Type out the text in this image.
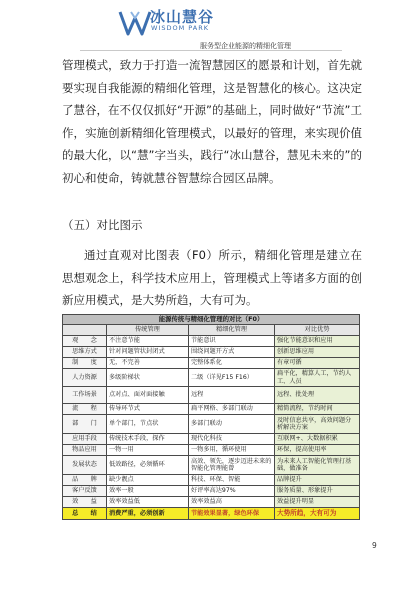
冰山慧谷
WISDOM PARK
服务型企业能源的精细化管理

管理模式，致力于打造一流智慧园区的愿景和计划，首先就要实现自我能源的精细化管理，这是智慧化的核心。这决定了慧谷，在不仅仅抓好“开源”的基础上，同时做好“节流”工作，实施创新精细化管理模式，以最好的管理，来实现价值的最大化，以“慧”字当头，践行“冰山慧谷，慧见未来的”的初心和使命，铸就慧谷智慧综合园区品牌。

（五）对比图示

通过直观对比图表（F0）所示，精细化管理是建立在思想观念上，科学技术应用上，管理模式上等诸多方面的创新应用模式，是大势所趋，大有可为。

能源传统与精细化管理的对比（F0）			
	传统管理	精细化管理	对比优势
观　　念	不注意节能	节能意识	强化节能意识和应用
思维方式	针对问题管状封闭式	围绕问题开方式	创新思维应用
制　　度	无，不完善	完整体系化	有章可循
人力资源	多级阶梯状	二级（详见F15 F16）	扁平化，精算人工，节约人工、人员
工作场景	点对点、面对面接触	远程	远程、批处理
流　　程	传导环节式	扁平网格、多部门联动	精简流程，节约时间
部　　门	单个部门，节点状	多部门联动	及时信息共享，高效问题分析解决方案
应用手段	传统技术手段，探作	现代化科技	互联网+、大数据积累
物品应用	一物一用	一物多用，循环使用	环保，提高使用率
发展状态	低效路径，必须循环	高效、领先，逐步迈进未来的智能化管理能曾	为未来人工智能化管理打基础，做准备
品　　牌	缺少靓点	科技、环保、智能	品牌提升
客户反馈	效率一般	好评率高达97%	服务质量、形象提升
效　　益	效率效益低	效率效益高	效益提升明显
总　　结	消费严重，必须创新	节能效果显著，绿色环保	大势所趋，大有可为
9
